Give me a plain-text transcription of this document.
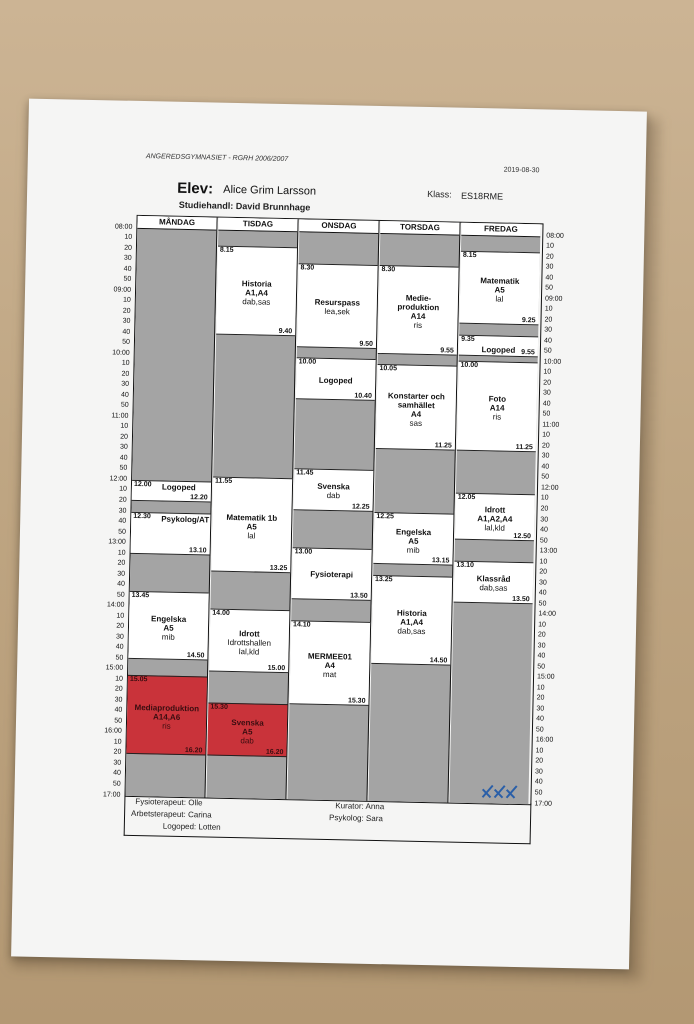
ANGEREDSGYMNASIET - RGRH 2006/2007
2019-08-30
Elev: Alice Grim Larsson	Klass: ES18RME
Studiehandl: David Brunnhage
08:00
10
20
30
40
50
09:00
10
20
30
40
50
10:00
10
20
30
40
50
11:00
10
20
30
40
50
12:00
10
20
30
40
50
13:00
10
20
30
40
50
14:00
10
20
30
40
50
15:00
10
20
30
40
50
16:00
10
20
30
40
50
17:00
08:00
10
20
30
40
50
09:00
10
20
30
40
50
10:00
10
20
30
40
50
11:00
10
20
30
40
50
12:00
10
20
30
40
50
13:00
10
20
30
40
50
14:00
10
20
30
40
50
15:00
10
20
30
40
50
16:00
10
20
30
40
50
17:00
MÅNDAG
12.00
12.20
Logoped
12.30
13.10
Psykolog/AT
13.45
14.50
Engelska
A5
mib
15.05
16.20
Mediaproduktion
A14,A6
ris
TISDAG
8.15
9.40
Historia
A1,A4
dab,sas
11.55
13.25
Matematik 1b
A5
lal
14.00
15.00
Idrott
Idrottshallen
lal,kld
15.30
16.20
Svenska
A5
dab
ONSDAG
8.30
9.50
Resurspass
lea,sek
10.00
10.40
Logoped
11.45
12.25
Svenska
dab
13.00
13.50
Fysioterapi
14.10
15.30
MERMEE01
A4
mat
TORSDAG
8.30
9.55
Medie-
produktion
A14
ris
10.05
11.25
Konstarter och
samhället
A4
sas
12.25
13.15
Engelska
A5
mib
13.25
14.50
Historia
A1,A4
dab,sas
FREDAG
8.15
9.25
Matematik
A5
lal
9.35
9.55
Logoped
10.00
11.25
Foto
A14
ris
12.05
12.50
Idrott
A1,A2,A4
lal,kld
13.10
13.50
Klassråd
dab,sas
Fysioterapeut: Olle
Arbetsterapeut: Carina
Logoped: Lotten
Kurator: Anna
Psykolog: Sara
